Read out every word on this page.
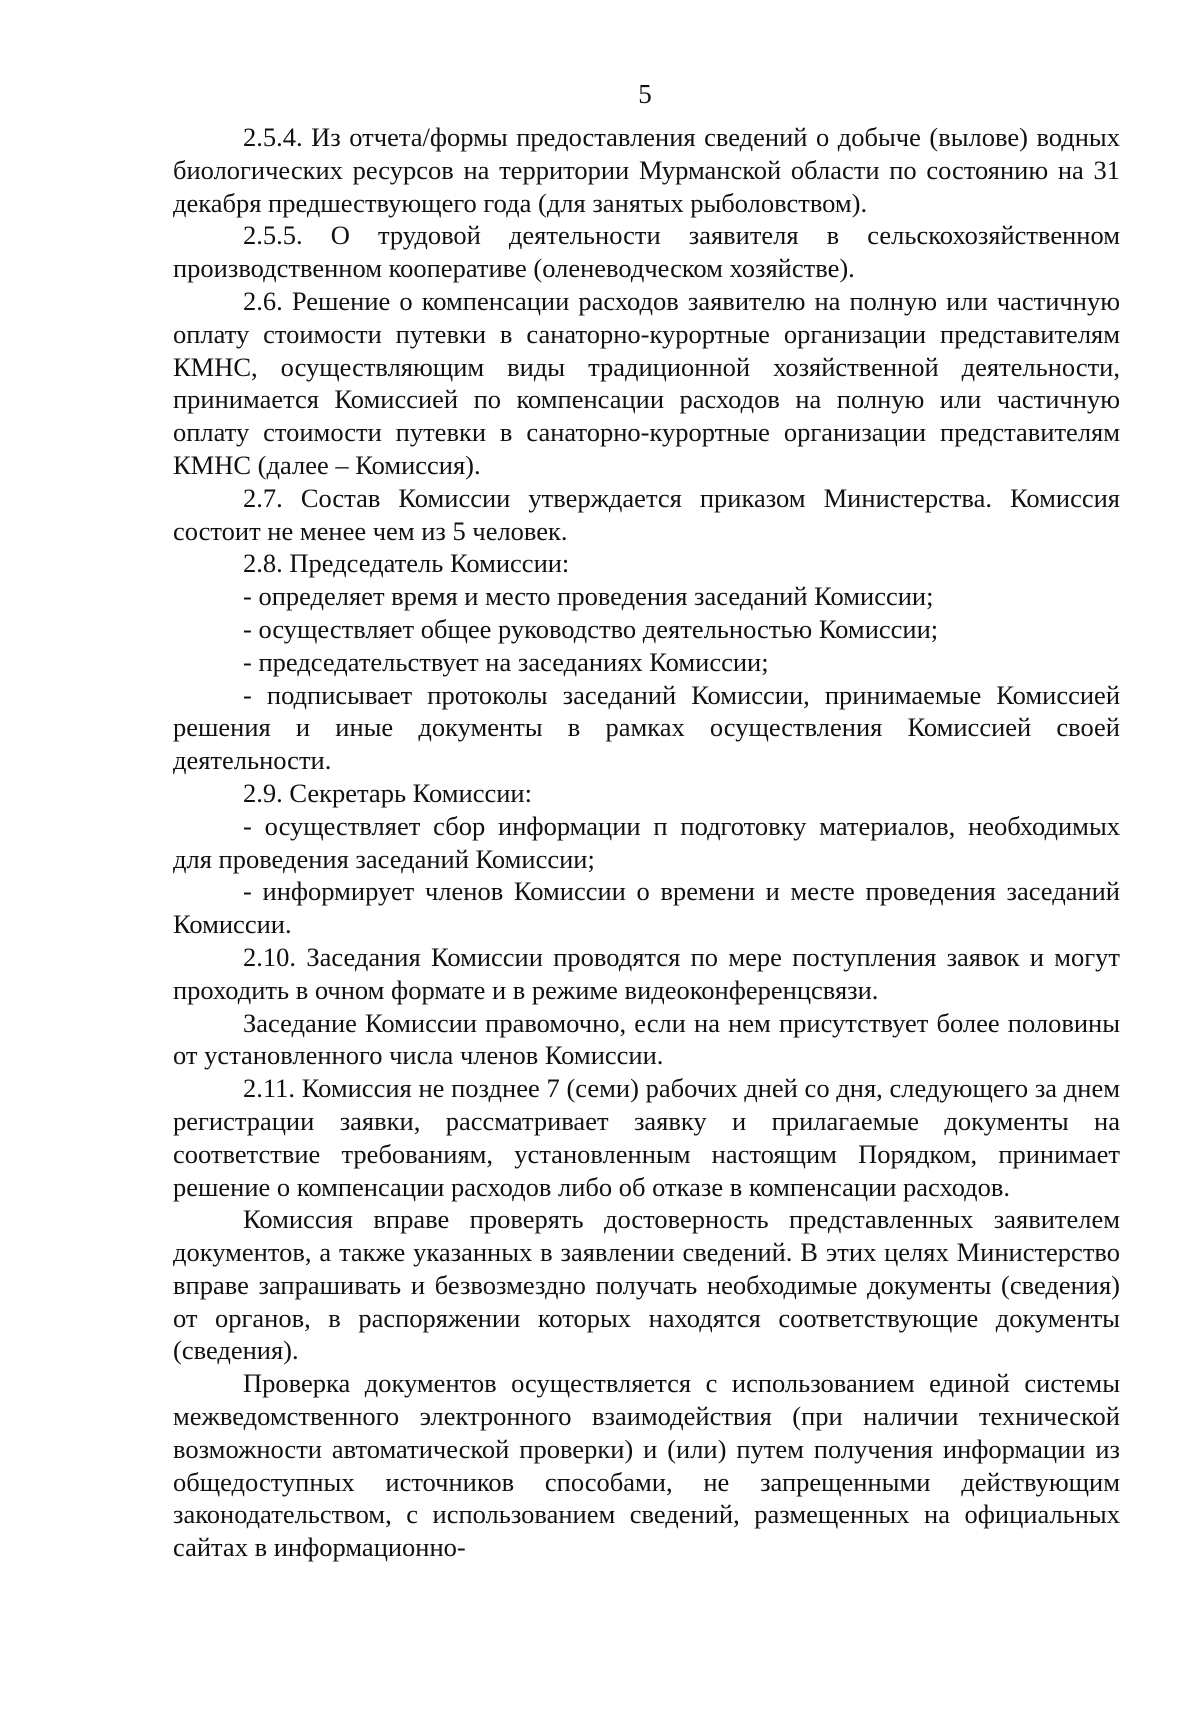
5

2.5.4. Из отчета/формы предоставления сведений о добыче (вылове) водных биологических ресурсов на территории Мурманской области по состоянию на 31 декабря предшествующего года (для занятых рыболовством).

2.5.5. О трудовой деятельности заявителя в сельскохозяйственном производственном кооперативе (оленеводческом хозяйстве).

2.6. Решение о компенсации расходов заявителю на полную или частичную оплату стоимости путевки в санаторно-курортные организации представителям КМНС, осуществляющим виды традиционной хозяйственной деятельности, принимается Комиссией по компенсации расходов на полную или частичную оплату стоимости путевки в санаторно-курортные организации представителям КМНС (далее – Комиссия).

2.7. Состав Комиссии утверждается приказом Министерства. Комиссия состоит не менее чем из 5 человек.

2.8. Председатель Комиссии:

- определяет время и место проведения заседаний Комиссии;

- осуществляет общее руководство деятельностью Комиссии;

- председательствует на заседаниях Комиссии;

- подписывает протоколы заседаний Комиссии, принимаемые Комиссией решения и иные документы в рамках осуществления Комиссией своей деятельности.

2.9. Секретарь Комиссии:

- осуществляет сбор информации п подготовку материалов, необходимых для проведения заседаний Комиссии;

- информирует членов Комиссии о времени и месте проведения заседаний Комиссии.

2.10. Заседания Комиссии проводятся по мере поступления заявок и могут проходить в очном формате и в режиме видеоконференцсвязи.

Заседание Комиссии правомочно, если на нем присутствует более половины от установленного числа членов Комиссии.

2.11. Комиссия не позднее 7 (семи) рабочих дней со дня, следующего за днем регистрации заявки, рассматривает заявку и прилагаемые документы на соответствие требованиям, установленным настоящим Порядком, принимает решение о компенсации расходов либо об отказе в компенсации расходов.

Комиссия вправе проверять достоверность представленных заявителем документов, а также указанных в заявлении сведений. В этих целях Министерство вправе запрашивать и безвозмездно получать необходимые документы (сведения) от органов, в распоряжении которых находятся соответствующие документы (сведения).

Проверка документов осуществляется с использованием единой системы межведомственного электронного взаимодействия (при наличии технической возможности автоматической проверки) и (или) путем получения информации из общедоступных источников способами, не запрещенными действующим законодательством, с использованием сведений, размещенных на официальных сайтах в информационно-
